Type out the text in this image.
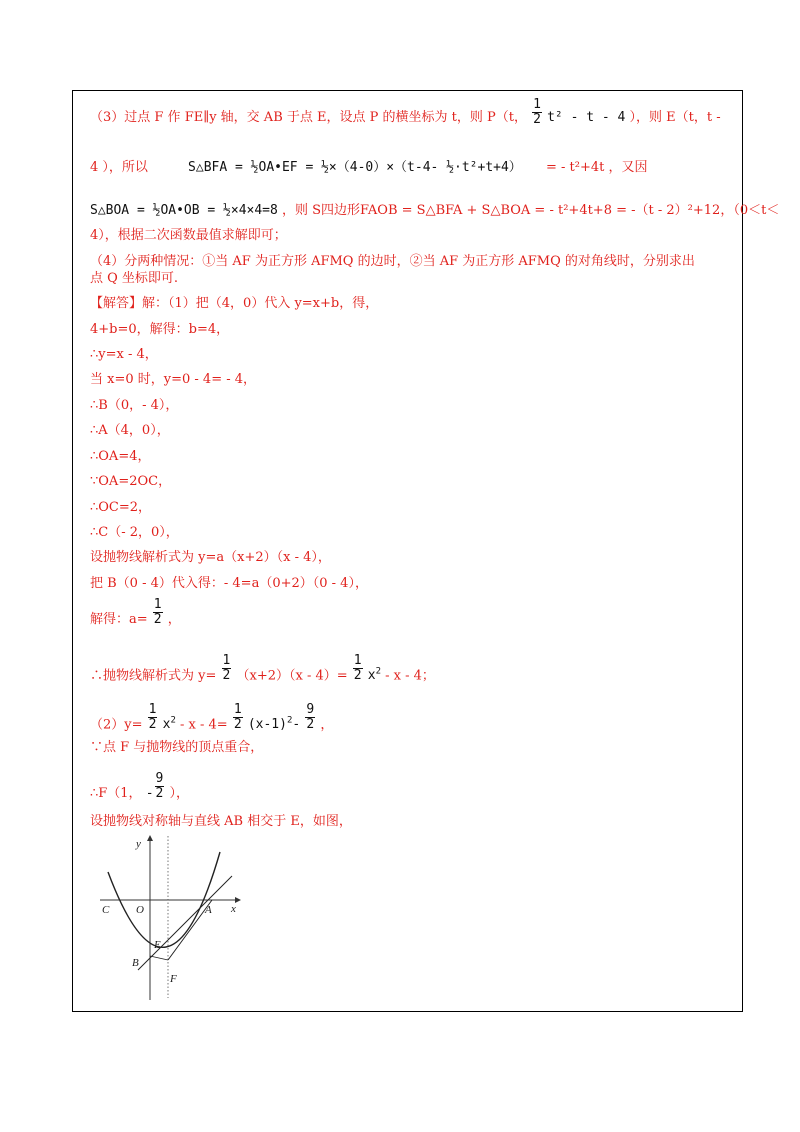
（3）过点 F 作 FE∥y 轴，交 AB 于点 E，设点 P 的横坐标为 t，则 P（t， $\frac{1}{2} t^2$ - t - 4 ），则 E（t，t -
4 ），所以	S△BFA = ½OA•EF = ½×（4-0）×（t-4- ½·t²+t+4） = - t²+4t ，又因
S△BOA = ½OA•OB = ½×4×4=8 ，则 S四边形FAOB = S△BFA + S△BOA = - t²+4t+8 = -（t - 2）²+12，（0＜t＜
4），根据二次函数最值求解即可；
（4）分两种情况：①当 AF 为正方形 AFMQ 的边时，②当 AF 为正方形 AFMQ 的对角线时，分别求出
点 Q 坐标即可.
【解答】解：（1）把（4，0）代入 y=x+b，得，
4+b=0，解得：b=4，
∴y=x - 4，
当 x=0 时，y=0 - 4= - 4，
∴B（0，- 4），
∴A（4，0），
∴OA=4，
∵OA=2OC，
∴OC=2，
∴C（- 2，0），
设抛物线解析式为 y=a（x+2）（x - 4），
把 B（0 - 4）代入得：- 4=a（0+2）（0 - 4），
解得：$a= \frac{1}{2}$ ，
∴抛物线解析式为 $y= \frac{1}{2} (x+2)(x - 4)= \frac{1}{2} x^2 - x - 4$；
$(2)y= \frac{1}{2} x^2 - x - 4= \frac{1}{2} (x-1)^2- \frac{9}{2}$ ，
∵点 F 与抛物线的顶点重合，
∴F（1， - $\frac{9}{2}$ ），
设抛物线对称轴与直线 AB 相交于 E，如图，
y
x
C O	A
E
B
F
